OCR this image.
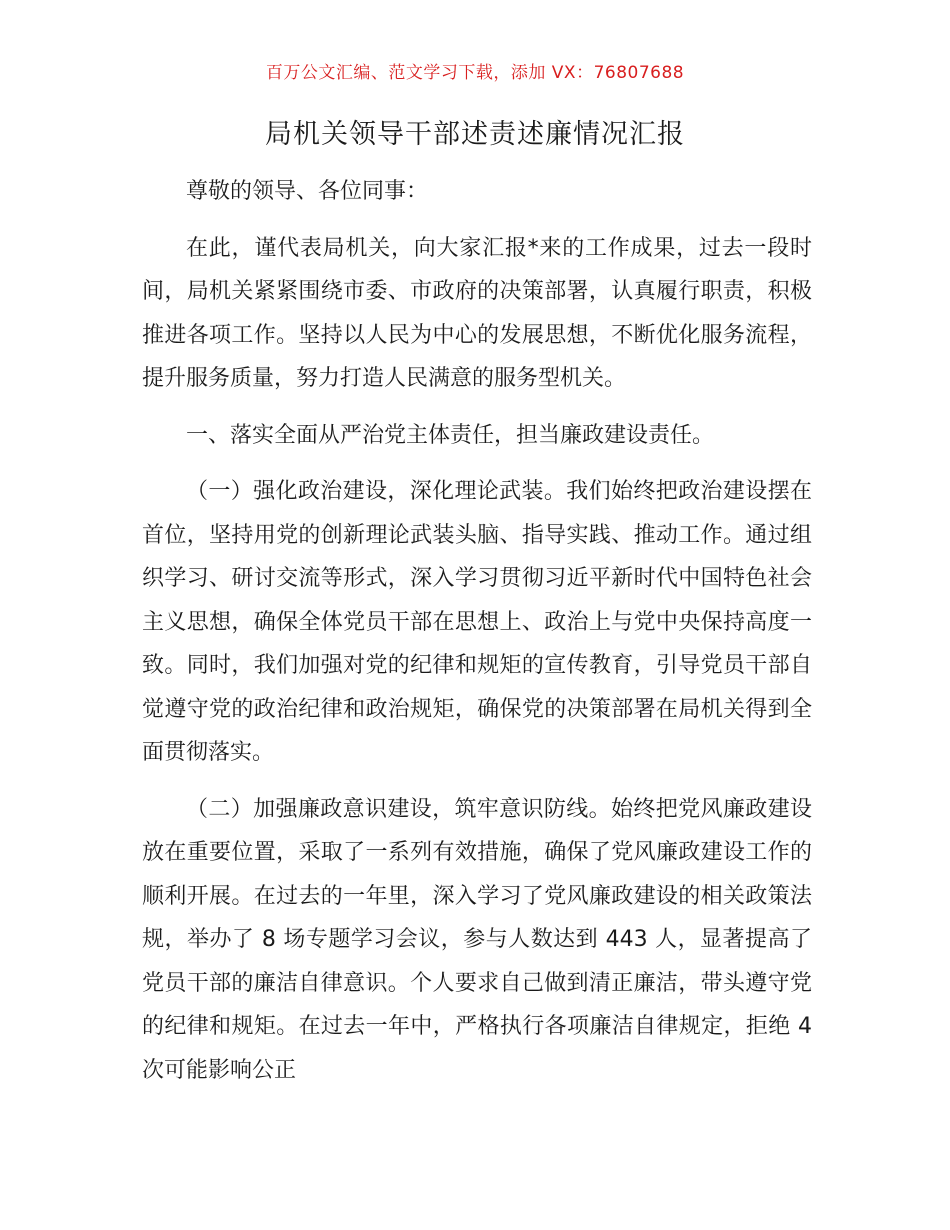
百万公文汇编、范文学习下载，添加 VX：76807688
局机关领导干部述责述廉情况汇报

尊敬的领导、各位同事：

在此，谨代表局机关，向大家汇报*来的工作成果，过去一段时间，局机关紧紧围绕市委、市政府的决策部署，认真履行职责，积极推进各项工作。坚持以人民为中心的发展思想，不断优化服务流程，提升服务质量，努力打造人民满意的服务型机关。

一、落实全面从严治党主体责任，担当廉政建设责任。

（一）强化政治建设，深化理论武装。我们始终把政治建设摆在首位，坚持用党的创新理论武装头脑、指导实践、推动工作。通过组织学习、研讨交流等形式，深入学习贯彻习近平新时代中国特色社会主义思想，确保全体党员干部在思想上、政治上与党中央保持高度一致。同时，我们加强对党的纪律和规矩的宣传教育，引导党员干部自觉遵守党的政治纪律和政治规矩，确保党的决策部署在局机关得到全面贯彻落实。

（二）加强廉政意识建设，筑牢意识防线。始终把党风廉政建设放在重要位置，采取了一系列有效措施，确保了党风廉政建设工作的顺利开展。在过去的一年里，深入学习了党风廉政建设的相关政策法规，举办了 8 场专题学习会议，参与人数达到 443 人，显著提高了党员干部的廉洁自律意识。个人要求自己做到清正廉洁，带头遵守党的纪律和规矩。在过去一年中，严格执行各项廉洁自律规定，拒绝 4 次可能影响公正
